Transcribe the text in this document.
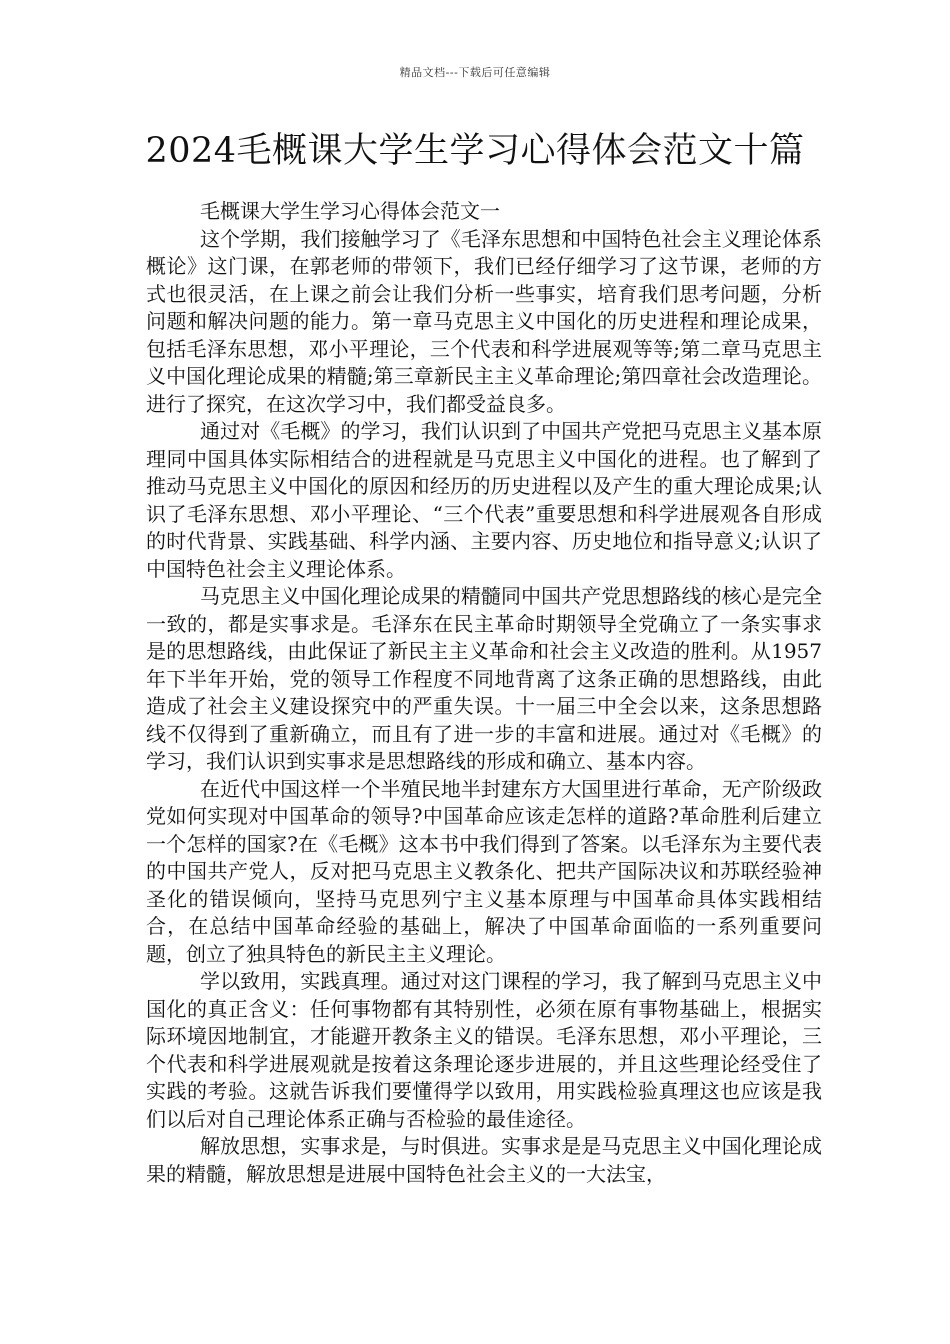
精品文档---下载后可任意编辑
2024毛概课大学生学习心得体会范文十篇
毛概课大学生学习心得体会范文一

这个学期，我们接触学习了《毛泽东思想和中国特色社会主义理论体系概论》这门课，在郭老师的带领下，我们已经仔细学习了这节课，老师的方式也很灵活，在上课之前会让我们分析一些事实，培育我们思考问题，分析问题和解决问题的能力。第一章马克思主义中国化的历史进程和理论成果，包括毛泽东思想，邓小平理论，三个代表和科学进展观等等;第二章马克思主义中国化理论成果的精髓;第三章新民主主义革命理论;第四章社会改造理论。进行了探究，在这次学习中，我们都受益良多。

通过对《毛概》的学习，我们认识到了中国共产党把马克思主义基本原理同中国具体实际相结合的进程就是马克思主义中国化的进程。也了解到了推动马克思主义中国化的原因和经历的历史进程以及产生的重大理论成果;认识了毛泽东思想、邓小平理论、“三个代表”重要思想和科学进展观各自形成的时代背景、实践基础、科学内涵、主要内容、历史地位和指导意义;认识了中国特色社会主义理论体系。

马克思主义中国化理论成果的精髓同中国共产党思想路线的核心是完全一致的，都是实事求是。毛泽东在民主革命时期领导全党确立了一条实事求是的思想路线，由此保证了新民主主义革命和社会主义改造的胜利。从1957年下半年开始，党的领导工作程度不同地背离了这条正确的思想路线，由此造成了社会主义建设探究中的严重失误。十一届三中全会以来，这条思想路线不仅得到了重新确立，而且有了进一步的丰富和进展。通过对《毛概》的学习，我们认识到实事求是思想路线的形成和确立、基本内容。

在近代中国这样一个半殖民地半封建东方大国里进行革命，无产阶级政党如何实现对中国革命的领导?中国革命应该走怎样的道路?革命胜利后建立一个怎样的国家?在《毛概》这本书中我们得到了答案。以毛泽东为主要代表的中国共产党人，反对把马克思主义教条化、把共产国际决议和苏联经验神圣化的错误倾向，坚持马克思列宁主义基本原理与中国革命具体实践相结合，在总结中国革命经验的基础上，解决了中国革命面临的一系列重要问题，创立了独具特色的新民主主义理论。

学以致用，实践真理。通过对这门课程的学习，我了解到马克思主义中国化的真正含义：任何事物都有其特别性，必须在原有事物基础上，根据实际环境因地制宜，才能避开教条主义的错误。毛泽东思想，邓小平理论，三个代表和科学进展观就是按着这条理论逐步进展的，并且这些理论经受住了实践的考验。这就告诉我们要懂得学以致用，用实践检验真理这也应该是我们以后对自己理论体系正确与否检验的最佳途径。

解放思想，实事求是，与时俱进。实事求是是马克思主义中国化理论成果的精髓，解放思想是进展中国特色社会主义的一大法宝，
